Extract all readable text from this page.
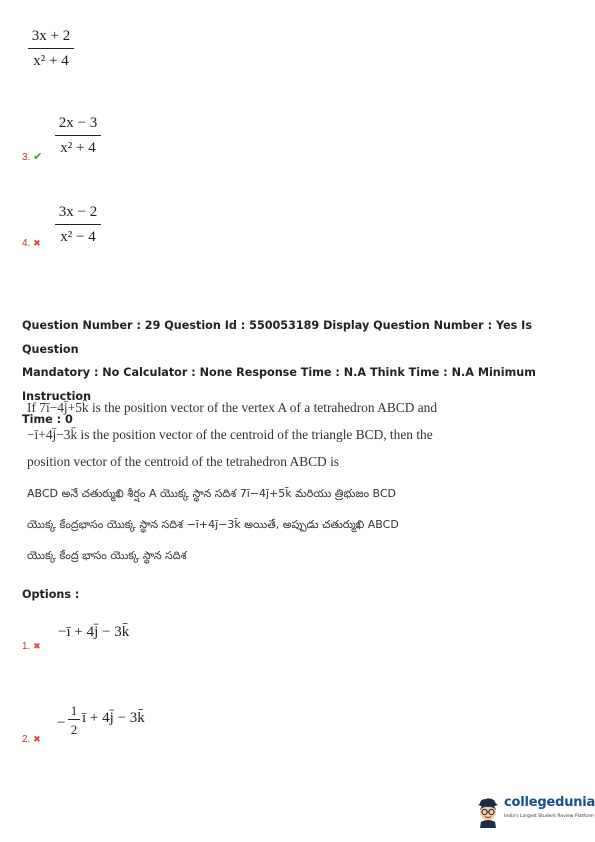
3x + 2
x² + 4
3. ✔
2x − 3
x² + 4
4. ✖
3x − 2
x² − 4
Question Number : 29 Question Id : 550053189 Display Question Number : Yes Is Question
Mandatory : No Calculator : None Response Time : N.A Think Time : N.A Minimum Instruction
Time : 0
If 7ī−4j̄+5k̄ is the position vector of the vertex A of a tetrahedron ABCD and
−ī+4j̄−3k̄ is the position vector of the centroid of the triangle BCD, then the
position vector of the centroid of the tetrahedron ABCD is
ABCD అనే చతుర్ముఖి శీర్షం A యొక్క స్థాన సదిశ 7ī−4j̄+5k̄ మరియు త్రిభుజం BCD
యొక్క కేంద్రభాసం యొక్క స్థాన సదిశ −ī+4j̄−3k̄ అయితే, అప్పుడు చతుర్ముఖి ABCD
యొక్క కేంద్ర భాసం యొక్క స్థాన సదిశ
Options :
1. ✖
−ī + 4j̄ − 3k̄
2. ✖
−
1
2
ī + 4j̄ − 3k̄
collegedunia
India's Largest Student Review Platform
